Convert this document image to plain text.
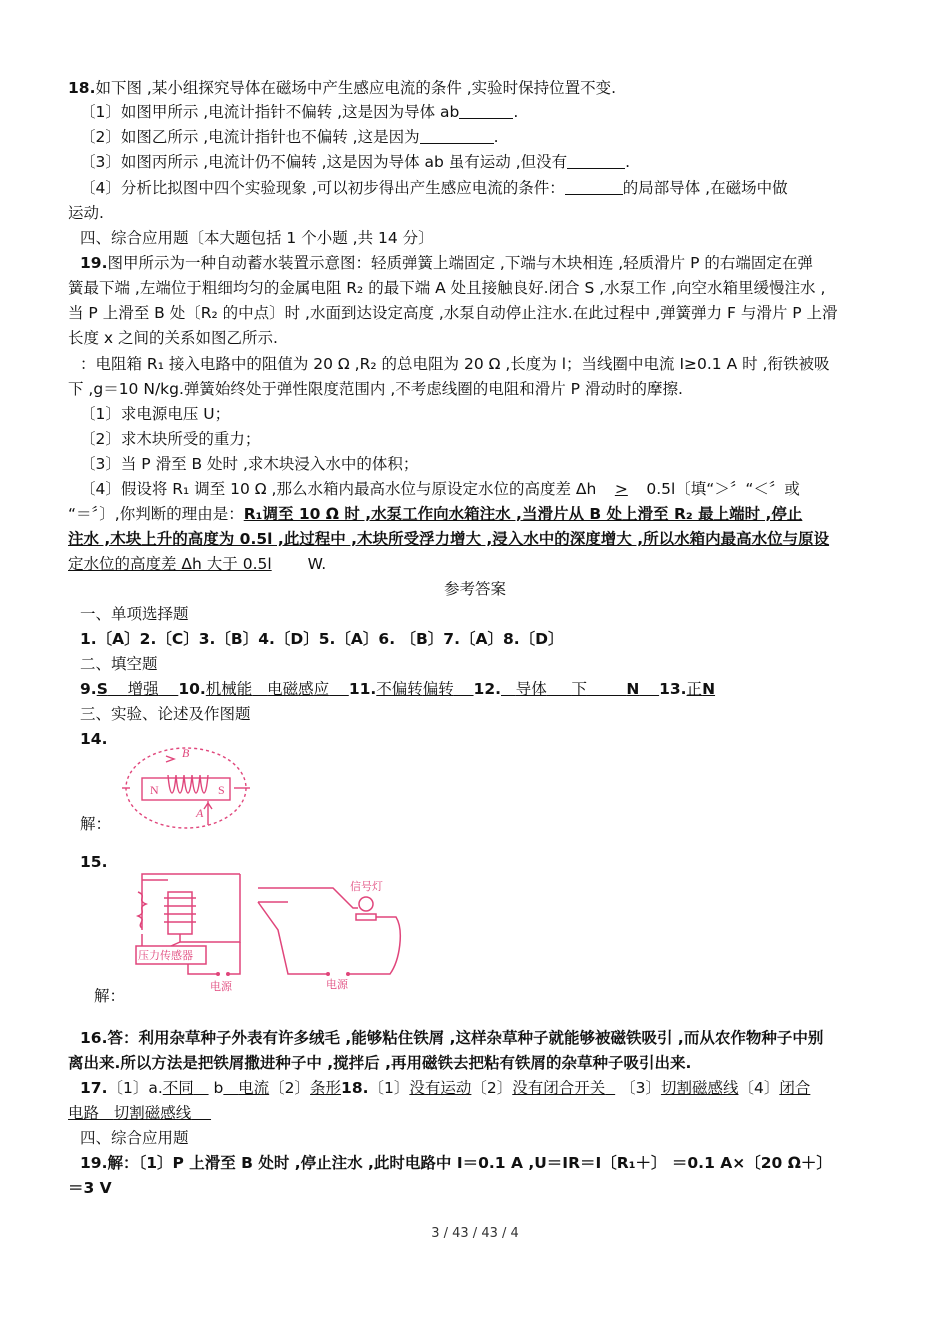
18.如下图 ,某小组探究导体在磁场中产生感应电流的条件 ,实验时保持位置不变.
〔1〕如图甲所示 ,电流计指针不偏转 ,这是因为导体 ab	.
〔2〕如图乙所示 ,电流计指针也不偏转 ,这是因为	.
〔3〕如图丙所示 ,电流计仍不偏转 ,这是因为导体 ab 虽有运动 ,但没有	.
〔4〕分析比拟图中四个实验现象 ,可以初步得出产生感应电流的条件：	的局部导体 ,在磁场中做
运动.
四、综合应用题〔本大题包括 1 个小题 ,共 14 分〕
19.图甲所示为一种自动蓄水装置示意图：轻质弹簧上端固定 ,下端与木块相连 ,轻质滑片 P 的右端固定在弹
簧最下端 ,左端位于粗细均匀的金属电阻 R₂ 的最下端 A 处且接触良好.闭合 S ,水泵工作 ,向空水箱里缓慢注水 ,
当 P 上滑至 B 处〔R₂ 的中点〕时 ,水面到达设定高度 ,水泵自动停止注水.在此过程中 ,弹簧弹力 F 与滑片 P 上滑
长度 x 之间的关系如图乙所示.
：电阻箱 R₁ 接入电路中的阻值为 20 Ω ,R₂ 的总电阻为 20 Ω ,长度为 l；当线圈中电流 I≥0.1 A 时 ,衔铁被吸
下 ,g＝10 N/kg.弹簧始终处于弹性限度范围内 ,不考虑线圈的电阻和滑片 P 滑动时的摩擦.
〔1〕求电源电压 U；
〔2〕求木块所受的重力；
〔3〕当 P 滑至 B 处时 ,求木块浸入水中的体积；
〔4〕假设将 R₁ 调至 10 Ω ,那么水箱内最高水位与原设定水位的高度差 Δh > 0.5l〔填“＞〞“＜〞或
“＝〞〕,你判断的理由是：R₁调至 10 Ω 时 ,水泵工作向水箱注水 ,当滑片从 B 处上滑至 R₂ 最上端时 ,停止
注水 ,木块上升的高度为 0.5l ,此过程中 ,木块所受浮力增大 ,浸入水中的深度增大 ,所以水箱内最高水位与原设
定水位的高度差 Δh 大于 0.5l W.
参考答案
一、单项选择题
1.〔A〕2.〔C〕3.〔B〕4.〔D〕5.〔A〕6. 〔B〕7.〔A〕8.〔D〕
二、填空题
9.S 增强 10.机械能 电磁感应 11.不偏转偏转 12. 导体 下	N 13.正N
三、实验、论述及作图题
14.
N	S
B
A
解：
15.
信号灯
压力传感器
电源	电源
解：
16.答：利用杂草种子外表有许多绒毛 ,能够粘住铁屑 ,这样杂草种子就能够被磁铁吸引 ,而从农作物种子中别
离出来.所以方法是把铁屑撒进种子中 ,搅拌后 ,再用磁铁去把粘有铁屑的杂草种子吸引出来.
17.〔1〕a.不同 b 电流〔2〕条形18.〔1〕没有运动〔2〕没有闭合开关 〔3〕切割磁感线〔4〕闭合
电路 切割磁感线
四、综合应用题
19.解：〔1〕P 上滑至 B 处时 ,停止注水 ,此时电路中 I＝0.1 A ,U＝IR＝I〔R₁＋〕 ＝0.1 A×〔20 Ω＋〕
＝3 V
3 / 43 / 43 / 4
